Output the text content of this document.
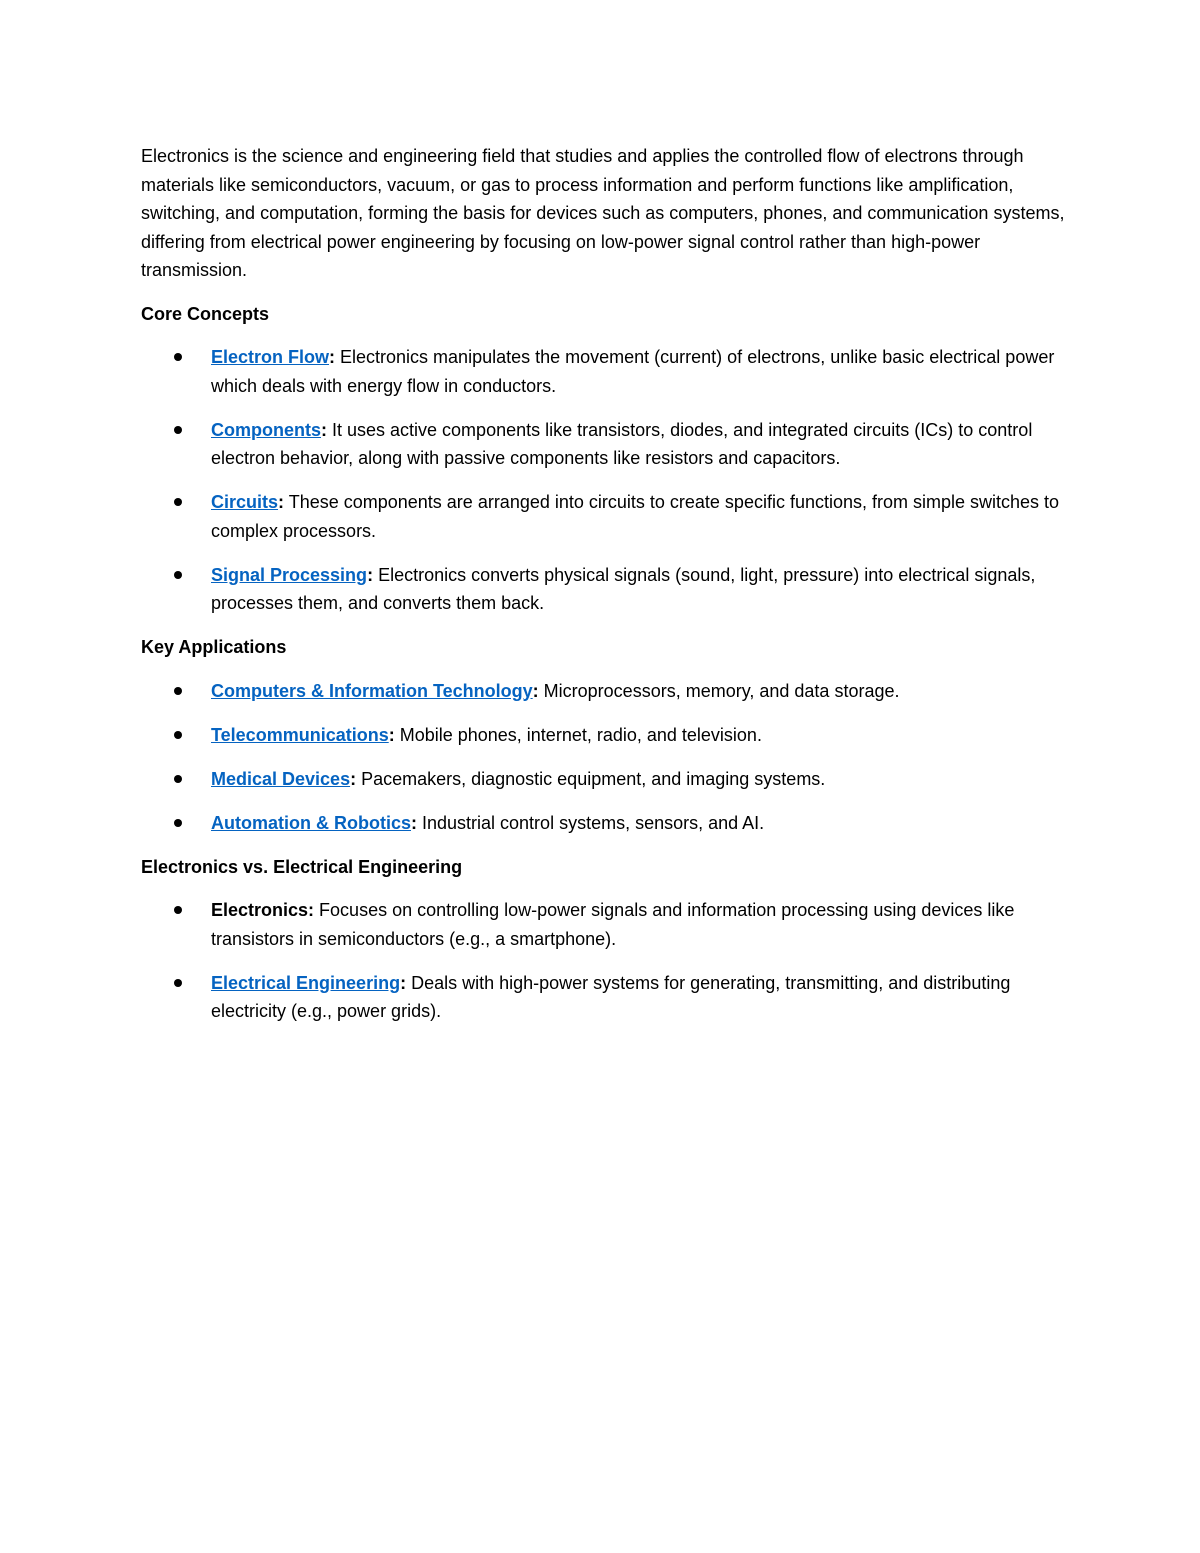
Electronics is the science and engineering field that studies and applies the controlled flow of electrons through materials like semiconductors, vacuum, or gas to process information and perform functions like amplification, switching, and computation, forming the basis for devices such as computers, phones, and communication systems, differing from electrical power engineering by focusing on low-power signal control rather than high-power transmission.

Core Concepts
Electron Flow: Electronics manipulates the movement (current) of electrons, unlike basic electrical power which deals with energy flow in conductors.
Components: It uses active components like transistors, diodes, and integrated circuits (ICs) to control electron behavior, along with passive components like resistors and capacitors.
Circuits: These components are arranged into circuits to create specific functions, from simple switches to complex processors.
Signal Processing: Electronics converts physical signals (sound, light, pressure) into electrical signals, processes them, and converts them back.
Key Applications
Computers & Information Technology: Microprocessors, memory, and data storage.
Telecommunications: Mobile phones, internet, radio, and television.
Medical Devices: Pacemakers, diagnostic equipment, and imaging systems.
Automation & Robotics: Industrial control systems, sensors, and AI.
Electronics vs. Electrical Engineering
Electronics: Focuses on controlling low-power signals and information processing using devices like transistors in semiconductors (e.g., a smartphone).
Electrical Engineering: Deals with high-power systems for generating, transmitting, and distributing electricity (e.g., power grids).
